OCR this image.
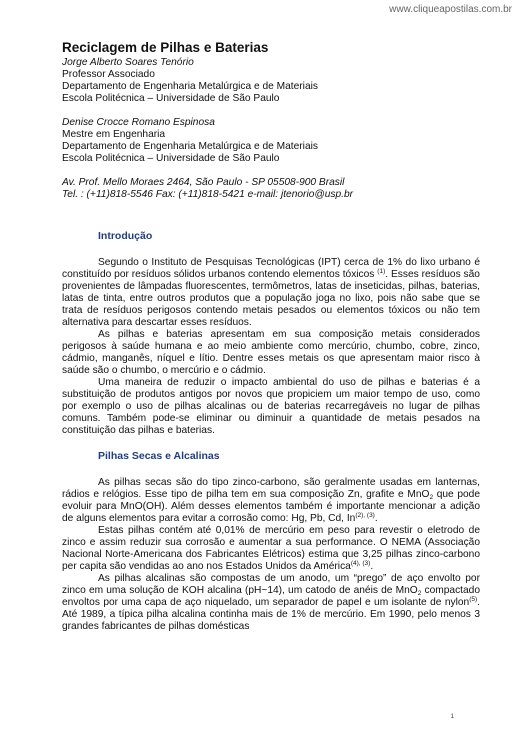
www.cliqueapostilas.com.br
Reciclagem de Pilhas e Baterias
Jorge Alberto Soares Tenório
Professor Associado
Departamento de Engenharia Metalúrgica e de Materiais
Escola Politécnica – Universidade de São Paulo
Denise Crocce Romano Espinosa
Mestre em Engenharia
Departamento de Engenharia Metalúrgica e de Materiais
Escola Politécnica – Universidade de São Paulo
Av. Prof. Mello Moraes 2464, São Paulo - SP 05508-900 Brasil
Tel. : (+11)818-5546 Fax: (+11)818-5421 e-mail: jtenorio@usp.br
Introdução

Segundo o Instituto de Pesquisas Tecnológicas (IPT) cerca de 1% do lixo urbano é constituído por resíduos sólidos urbanos contendo elementos tóxicos $^{(1)}$. Esses resíduos são provenientes de lâmpadas fluorescentes, termômetros, latas de inseticidas, pilhas, baterias, latas de tinta, entre outros produtos que a população joga no lixo, pois não sabe que se trata de resíduos perigosos contendo metais pesados ou elementos tóxicos ou não tem alternativa para descartar esses resíduos.

As pilhas e baterias apresentam em sua composição metais considerados perigosos à saúde humana e ao meio ambiente como mercúrio, chumbo, cobre, zinco, cádmio, manganês, níquel e lítio. Dentre esses metais os que apresentam maior risco à saúde são o chumbo, o mercúrio e o cádmio.

Uma maneira de reduzir o impacto ambiental do uso de pilhas e baterias é a substituição de produtos antigos por novos que propiciem um maior tempo de uso, como por exemplo o uso de pilhas alcalinas ou de baterias recarregáveis no lugar de pilhas comuns. Também pode-se eliminar ou diminuir a quantidade de metais pesados na constituição das pilhas e baterias.

Pilhas Secas e Alcalinas

As pilhas secas são do tipo zinco-carbono, são geralmente usadas em lanternas, rádios e relógios. Esse tipo de pilha tem em sua composição Zn, grafite e MnO$_2$ que pode evoluir para MnO(OH). Além desses elementos também é importante mencionar a adição de alguns elementos para evitar a corrosão como: Hg, Pb, Cd, $In^{(2), (3)}$.

Estas pilhas contém até 0,01% de mercúrio em peso para revestir o eletrodo de zinco e assim reduzir sua corrosão e aumentar a sua performance. O NEMA (Associação Nacional Norte-Americana dos Fabricantes Elétricos) estima que 3,25 pilhas zinco-carbono per capita são vendidas ao ano nos Estados Unidos da América$^{(4), (3)}$.

As pilhas alcalinas são compostas de um anodo, um “prego” de aço envolto por zinco em uma solução de KOH alcalina (pH~14), um catodo de anéis de MnO$_2$ compactado envoltos por uma capa de aço niquelado, um separador de papel e um isolante de nylon$^{(5)}$. Até 1989, a típica pilha alcalina continha mais de 1% de mercúrio. Em 1990, pelo menos 3 grandes fabricantes de pilhas domésticas

1
